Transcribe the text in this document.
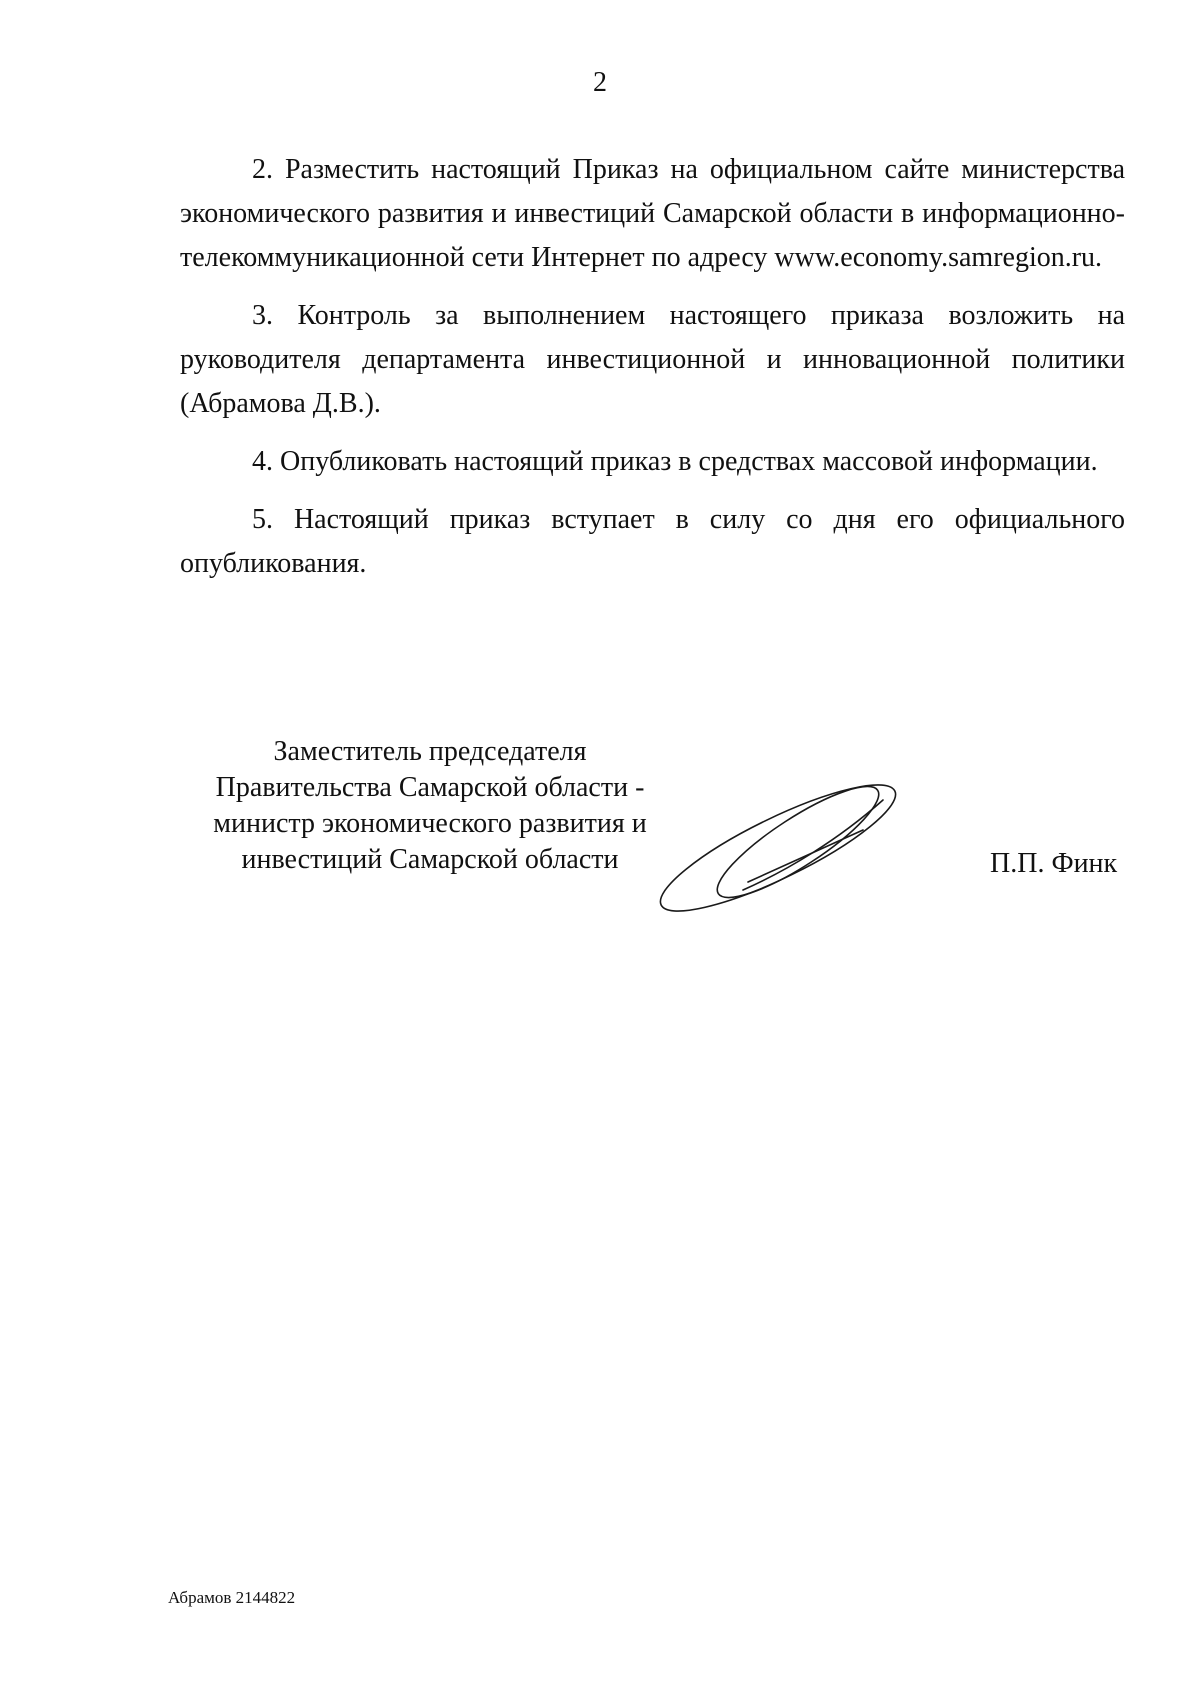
2

2. Разместить настоящий Приказ на официальном сайте министерства экономического развития и инвестиций Самарской области в информационно-телекоммуникационной сети Интернет по адресу www.economy.samregion.ru.

3. Контроль за выполнением настоящего приказа возложить на руководителя департамента инвестиционной и инновационной политики (Абрамова Д.В.).

4. Опубликовать настоящий приказ в средствах массовой информации.

5. Настоящий приказ вступает в силу со дня его официального опубликования.

Заместитель председателя
Правительства Самарской области -
министр экономического развития и
инвестиций Самарской области	П.П. Финк
Абрамов 2144822
